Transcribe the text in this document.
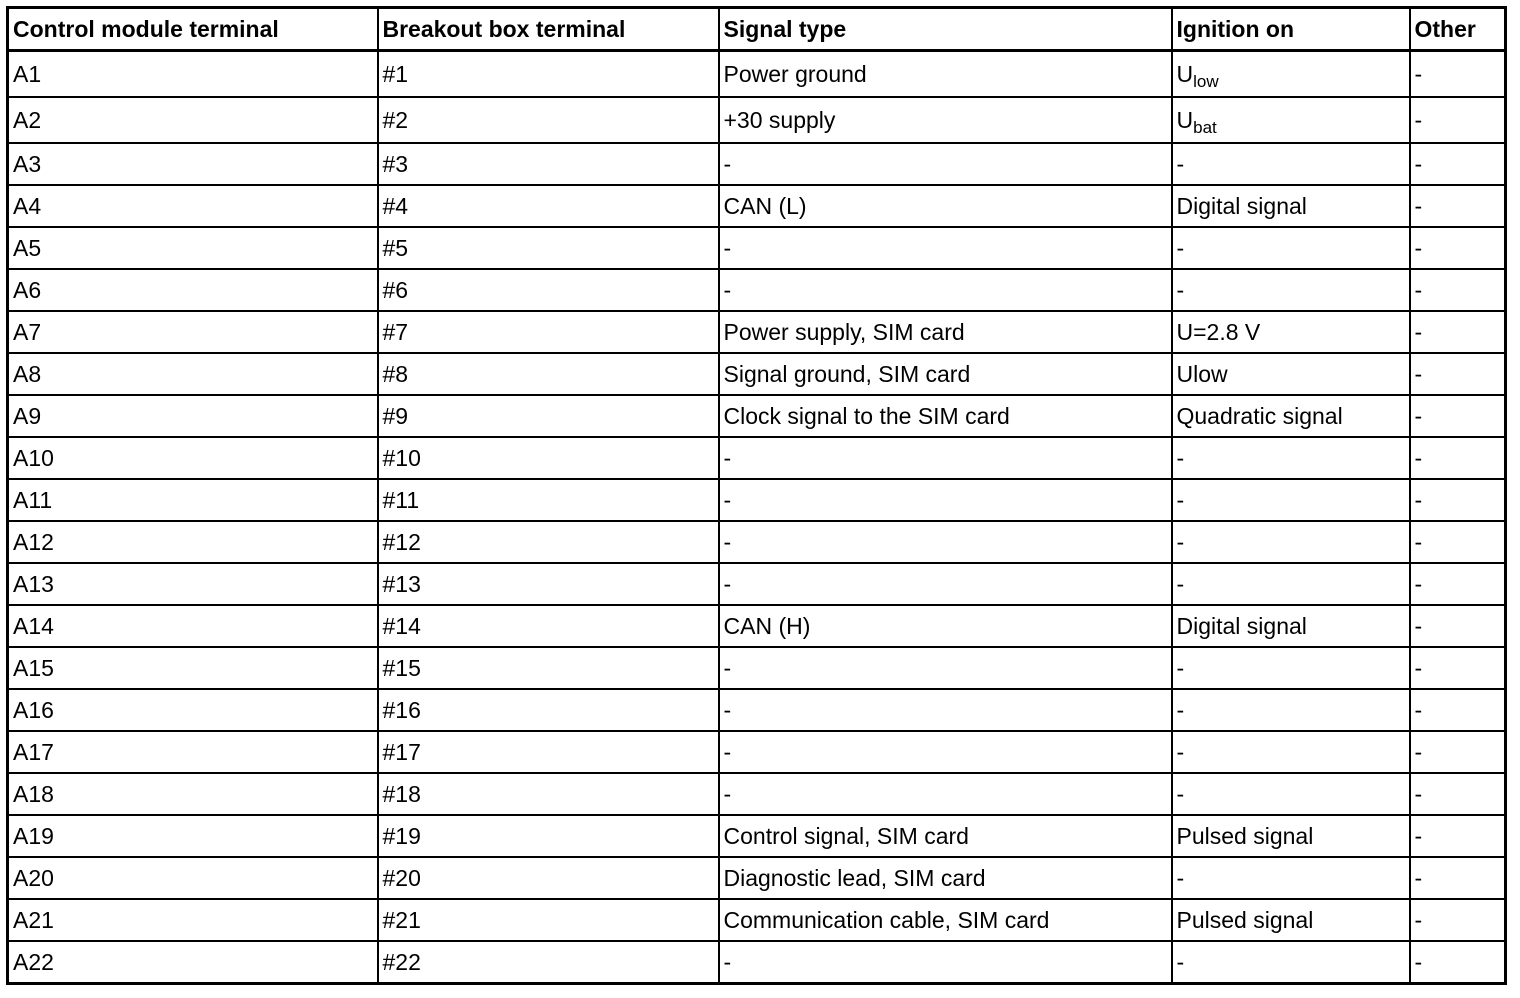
Control module terminal	Breakout box terminal	Signal type	Ignition on	Other
A1	#1	Power ground	$U_{low}$	-
A2	#2	+30 supply	$U_{bat}$	-
A3	#3	-	-	-
A4	#4	CAN (L)	Digital signal	-
A5	#5	-	-	-
A6	#6	-	-	-
A7	#7	Power supply, SIM card	U=2.8 V	-
A8	#8	Signal ground, SIM card	Ulow	-
A9	#9	Clock signal to the SIM card	Quadratic signal	-
A10	#10	-	-	-
A11	#11	-	-	-
A12	#12	-	-	-
A13	#13	-	-	-
A14	#14	CAN (H)	Digital signal	-
A15	#15	-	-	-
A16	#16	-	-	-
A17	#17	-	-	-
A18	#18	-	-	-
A19	#19	Control signal, SIM card	Pulsed signal	-
A20	#20	Diagnostic lead, SIM card	-	-
A21	#21	Communication cable, SIM card	Pulsed signal	-
A22	#22	-	-	-
